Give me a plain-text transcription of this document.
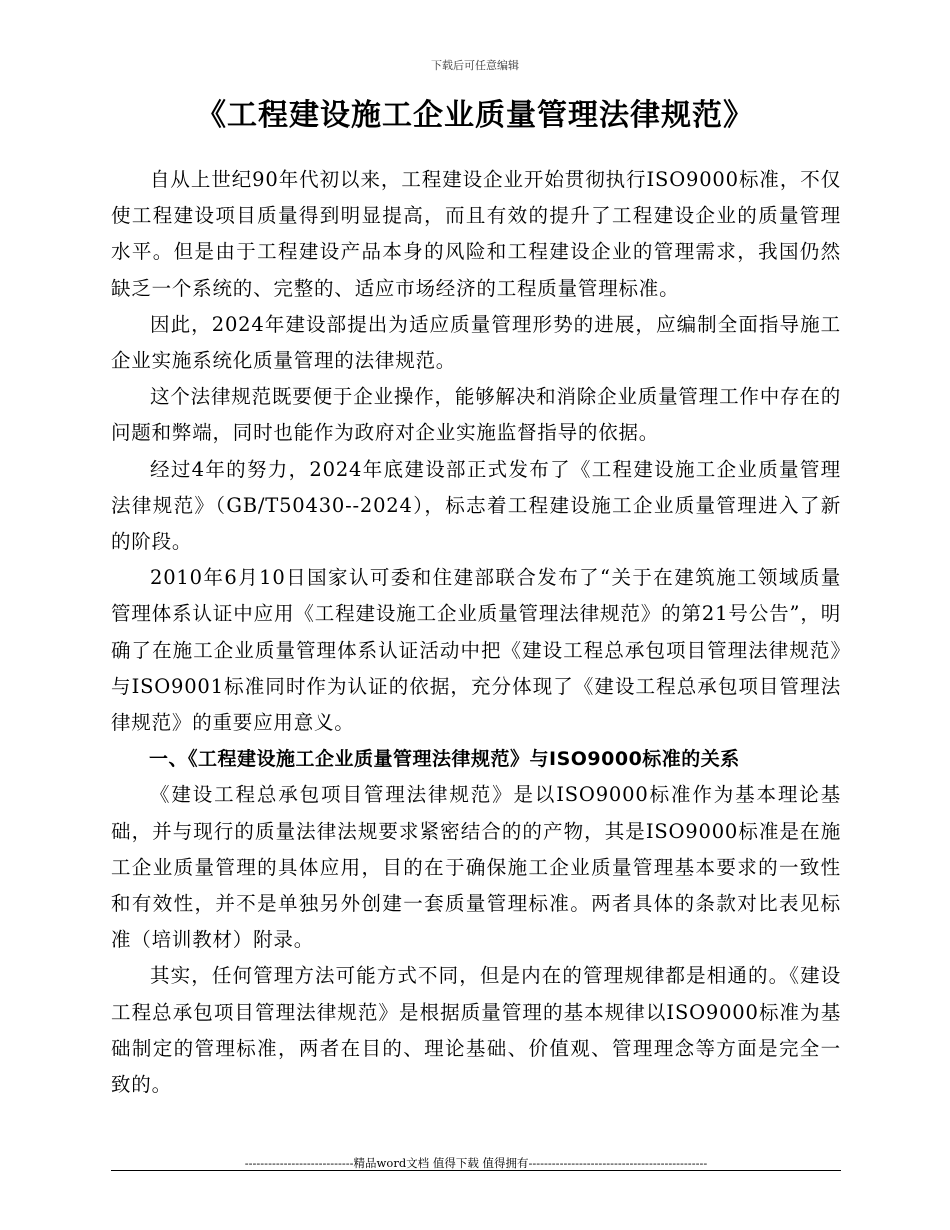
下载后可任意编辑
《工程建设施工企业质量管理法律规范》

自从上世纪90年代初以来，工程建设企业开始贯彻执行ISO9000标准，不仅使工程建设项目质量得到明显提高，而且有效的提升了工程建设企业的质量管理水平。但是由于工程建设产品本身的风险和工程建设企业的管理需求，我国仍然缺乏一个系统的、完整的、适应市场经济的工程质量管理标准。

因此，2024年建设部提出为适应质量管理形势的进展，应编制全面指导施工企业实施系统化质量管理的法律规范。

这个法律规范既要便于企业操作，能够解决和消除企业质量管理工作中存在的问题和弊端，同时也能作为政府对企业实施监督指导的依据。

经过4年的努力，2024年底建设部正式发布了《工程建设施工企业质量管理法律规范》（GB/T50430--2024），标志着工程建设施工企业质量管理进入了新的阶段。

2010年6月10日国家认可委和住建部联合发布了“关于在建筑施工领域质量管理体系认证中应用《工程建设施工企业质量管理法律规范》的第21号公告”，明确了在施工企业质量管理体系认证活动中把《建设工程总承包项目管理法律规范》与ISO9001标准同时作为认证的依据，充分体现了《建设工程总承包项目管理法律规范》的重要应用意义。

一、《工程建设施工企业质量管理法律规范》与ISO9000标准的关系

《建设工程总承包项目管理法律规范》是以ISO9000标准作为基本理论基础，并与现行的质量法律法规要求紧密结合的的产物，其是ISO9000标准是在施工企业质量管理的具体应用，目的在于确保施工企业质量管理基本要求的一致性和有效性，并不是单独另外创建一套质量管理标准。两者具体的条款对比表见标准（培训教材）附录。

其实，任何管理方法可能方式不同，但是内在的管理规律都是相通的。《建设工程总承包项目管理法律规范》是根据质量管理的基本规律以ISO9000标准为基础制定的管理标准，两者在目的、理论基础、价值观、管理理念等方面是完全一致的。

----------------------------精品word文档 值得下载 值得拥有----------------------------------------------
